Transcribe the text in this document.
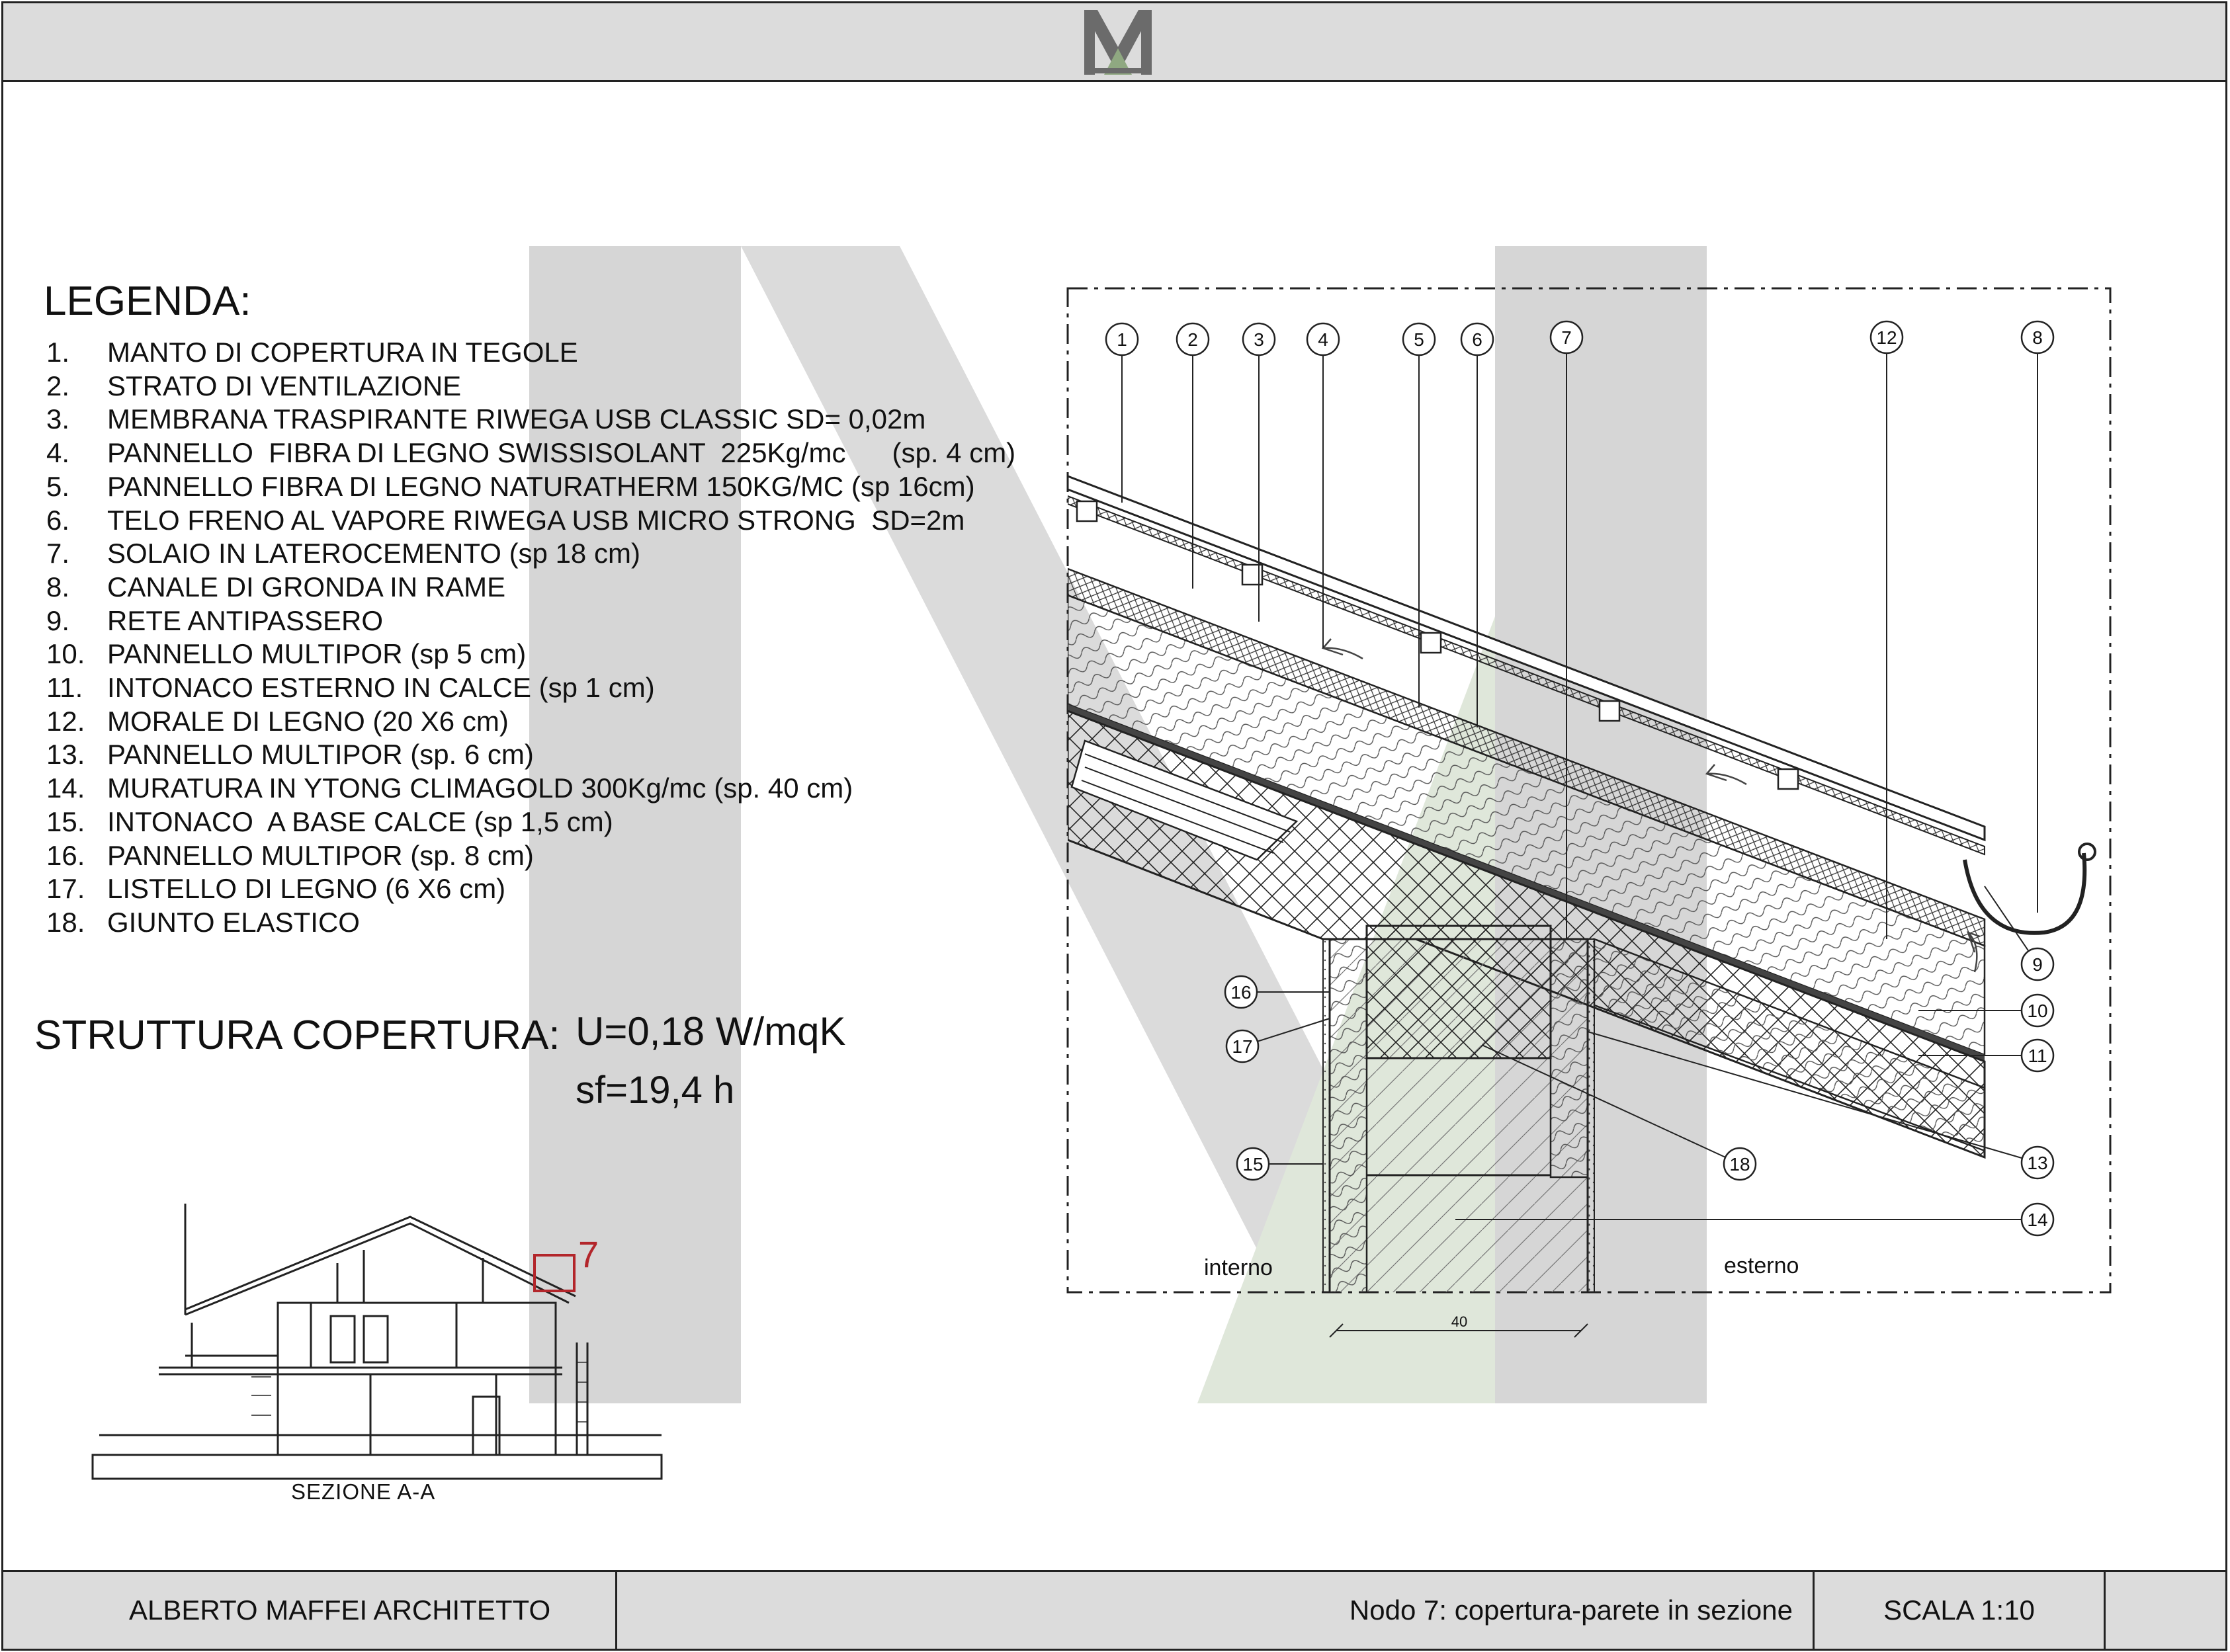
LEGENDA:
1.	MANTO DI COPERTURA IN TEGOLE
2.	STRATO DI VENTILAZIONE
3.	MEMBRANA TRASPIRANTE RIWEGA USB CLASSIC SD= 0,02m
4.	PANNELLO  FIBRA DI LEGNO SWISSISOLANT  225Kg/mc      (sp. 4 cm)
5.	PANNELLO FIBRA DI LEGNO NATURATHERM 150KG/MC (sp 16cm)
6.	TELO FRENO AL VAPORE RIWEGA USB MICRO STRONG  SD=2m
7.	SOLAIO IN LATEROCEMENTO (sp 18 cm)
8.	CANALE DI GRONDA IN RAME
9.	RETE ANTIPASSERO
10. PANNELLO MULTIPOR (sp 5 cm)
11. INTONACO ESTERNO IN CALCE (sp 1 cm)
12. MORALE DI LEGNO (20 X6 cm)
13. PANNELLO MULTIPOR (sp. 6 cm)
14. MURATURA IN YTONG CLIMAGOLD 300Kg/mc (sp. 40 cm)
15. INTONACO  A BASE CALCE (sp 1,5 cm)
16. PANNELLO MULTIPOR (sp. 8 cm)
17. LISTELLO DI LEGNO (6 X6 cm)
18. GIUNTO ELASTICO
STRUTTURA COPERTURA: U=0,18 W/mqK
sf=19,4 h
1	2	3	4	5	6	7	8
9
10
11
12
13
14
15
16
17
18
interno	esterno
40
7
SEZIONE A-A
ALBERTO MAFFEI ARCHITETTO	Nodo 7: copertura-parete in sezione	SCALA 1:10
